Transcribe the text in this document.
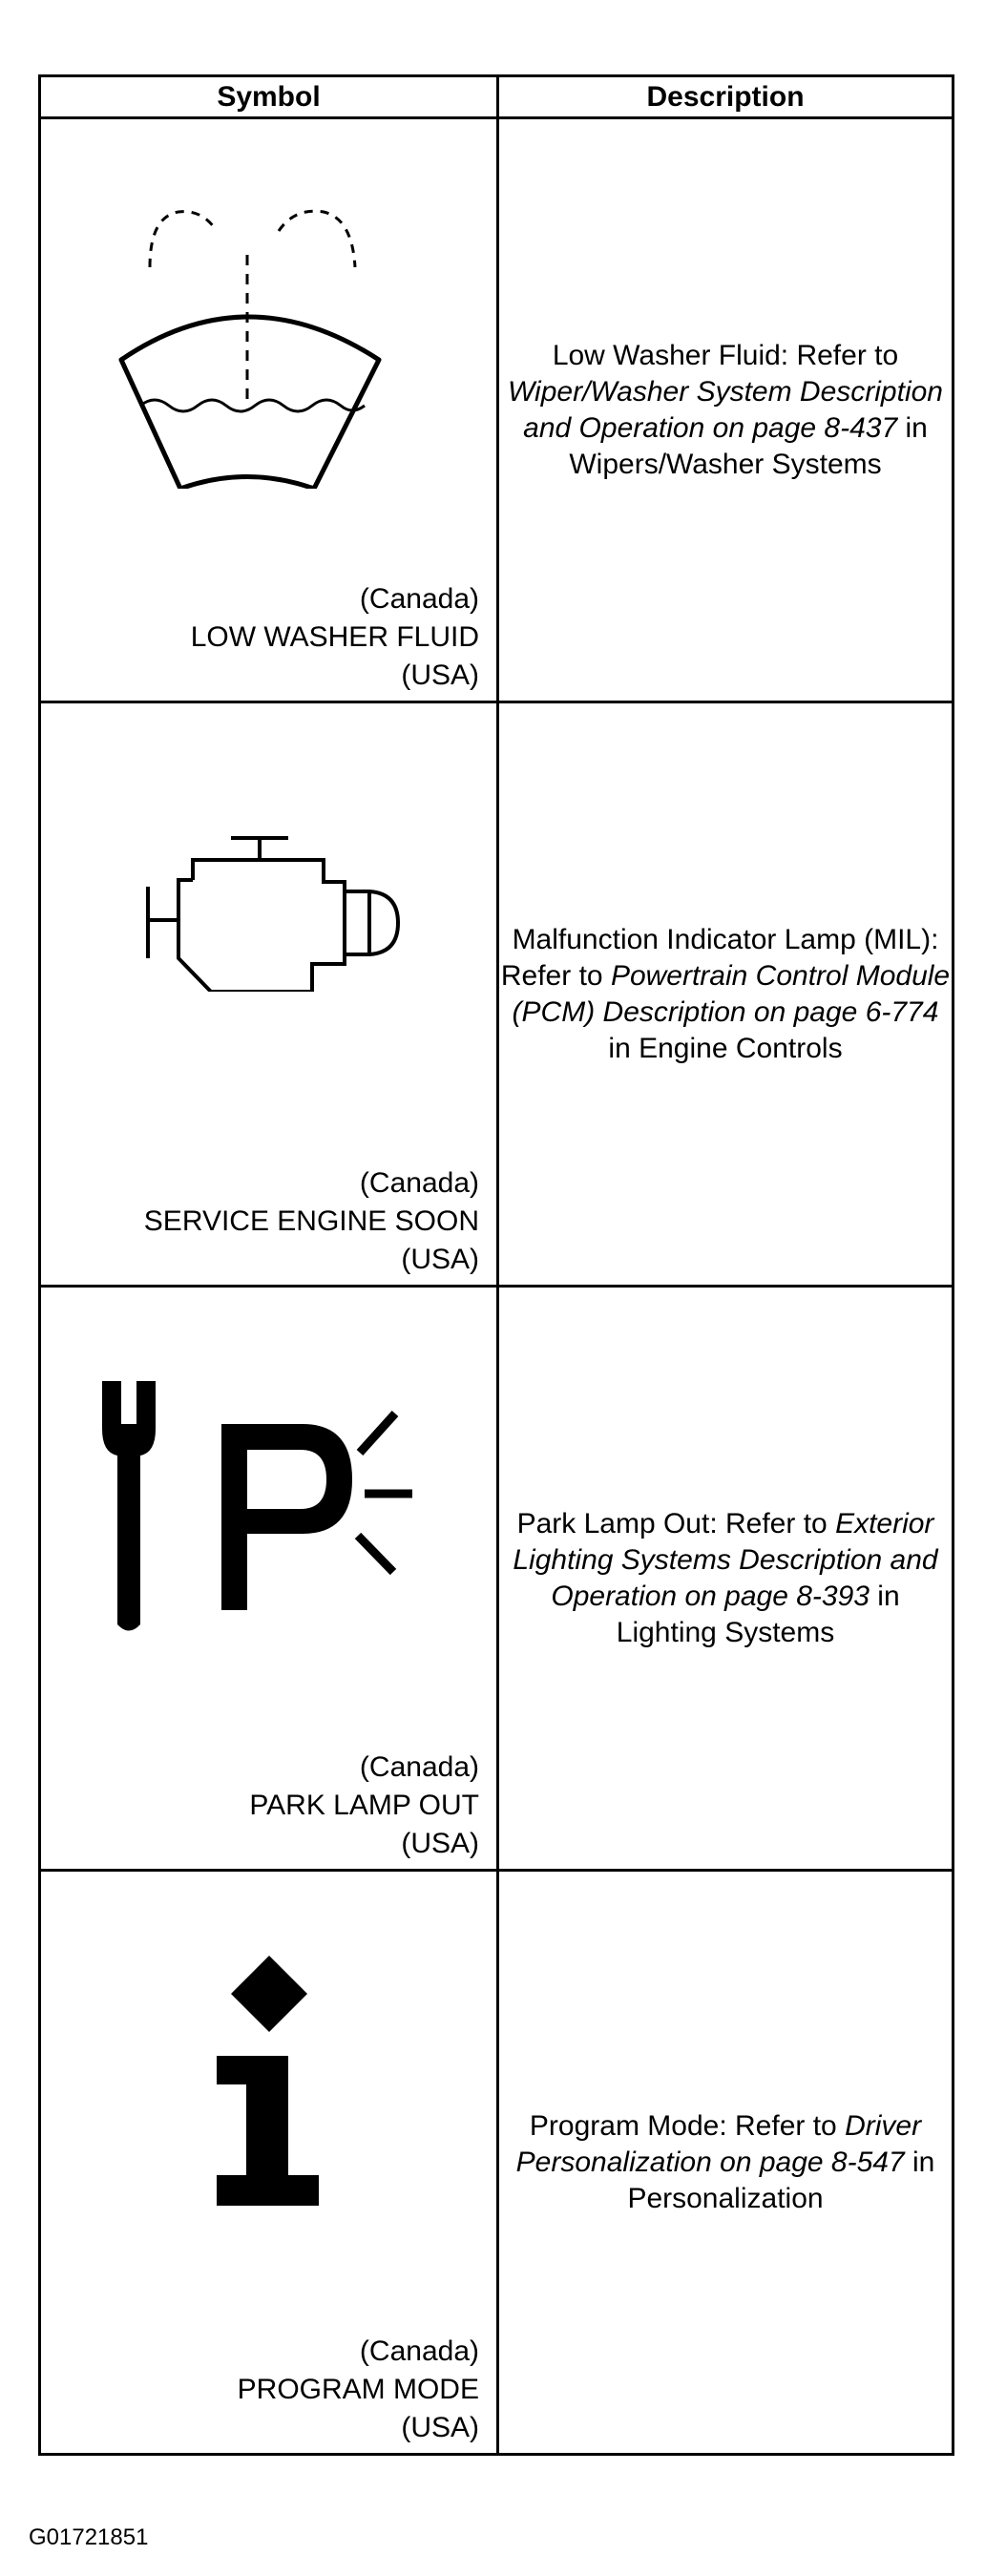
Symbol	Description

(Canada)
LOW WASHER FLUID
(USA)	Low Washer Fluid: Refer to Wiper/Washer System Description and Operation on page 8-437 in Wipers/Washer Systems

(Canada)
SERVICE ENGINE SOON
(USA)	Malfunction Indicator Lamp (MIL): Refer to Powertrain Control Module (PCM) Description on page 6-774 in Engine Controls

(Canada)
PARK LAMP OUT
(USA)	Park Lamp Out: Refer to Exterior Lighting Systems Description and Operation on page 8-393 in Lighting Systems

(Canada)
PROGRAM MODE
(USA)	Program Mode: Refer to Driver Personalization on page 8-547 in Personalization
G01721851
